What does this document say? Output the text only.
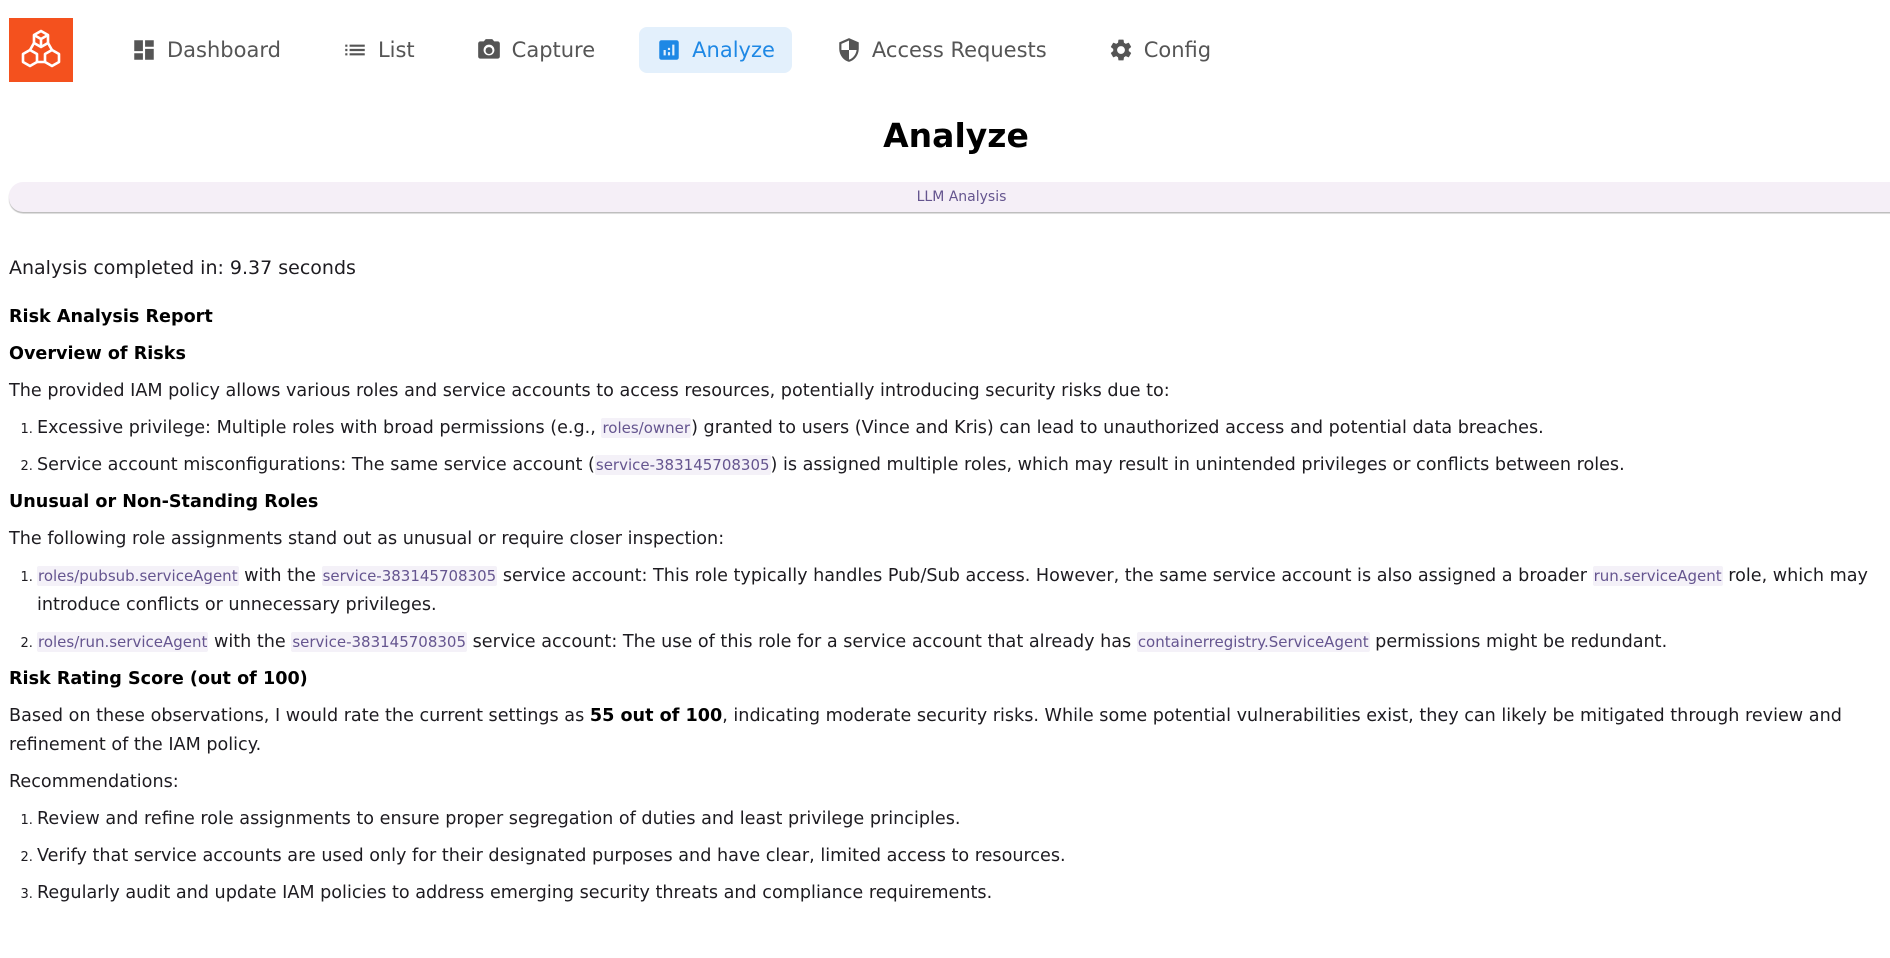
Dashboard	List	Capture	Analyze	Access Requests	Config
Analyze
LLM Analysis

Analysis completed in: 9.37 seconds

Risk Analysis Report

Overview of Risks

The provided IAM policy allows various roles and service accounts to access resources, potentially introducing security risks due to:

1. Excessive privilege: Multiple roles with broad permissions (e.g., roles/owner) granted to users (Vince and Kris) can lead to unauthorized access and potential data breaches.
2. Service account misconfigurations: The same service account (service-383145708305) is assigned multiple roles, which may result in unintended privileges or conflicts between roles.

Unusual or Non-Standing Roles

The following role assignments stand out as unusual or require closer inspection:

1. roles/pubsub.serviceAgent with the service-383145708305 service account: This role typically handles Pub/Sub access. However, the same service account is also assigned a broader run.serviceAgent role, which may introduce conflicts or unnecessary privileges.
2. roles/run.serviceAgent with the service-383145708305 service account: The use of this role for a service account that already has containerregistry.ServiceAgent permissions might be redundant.

Risk Rating Score (out of 100)

Based on these observations, I would rate the current settings as 55 out of 100, indicating moderate security risks. While some potential vulnerabilities exist, they can likely be mitigated through review and refinement of the IAM policy.

Recommendations:

1. Review and refine role assignments to ensure proper segregation of duties and least privilege principles.
2. Verify that service accounts are used only for their designated purposes and have clear, limited access to resources.
3. Regularly audit and update IAM policies to address emerging security threats and compliance requirements.
